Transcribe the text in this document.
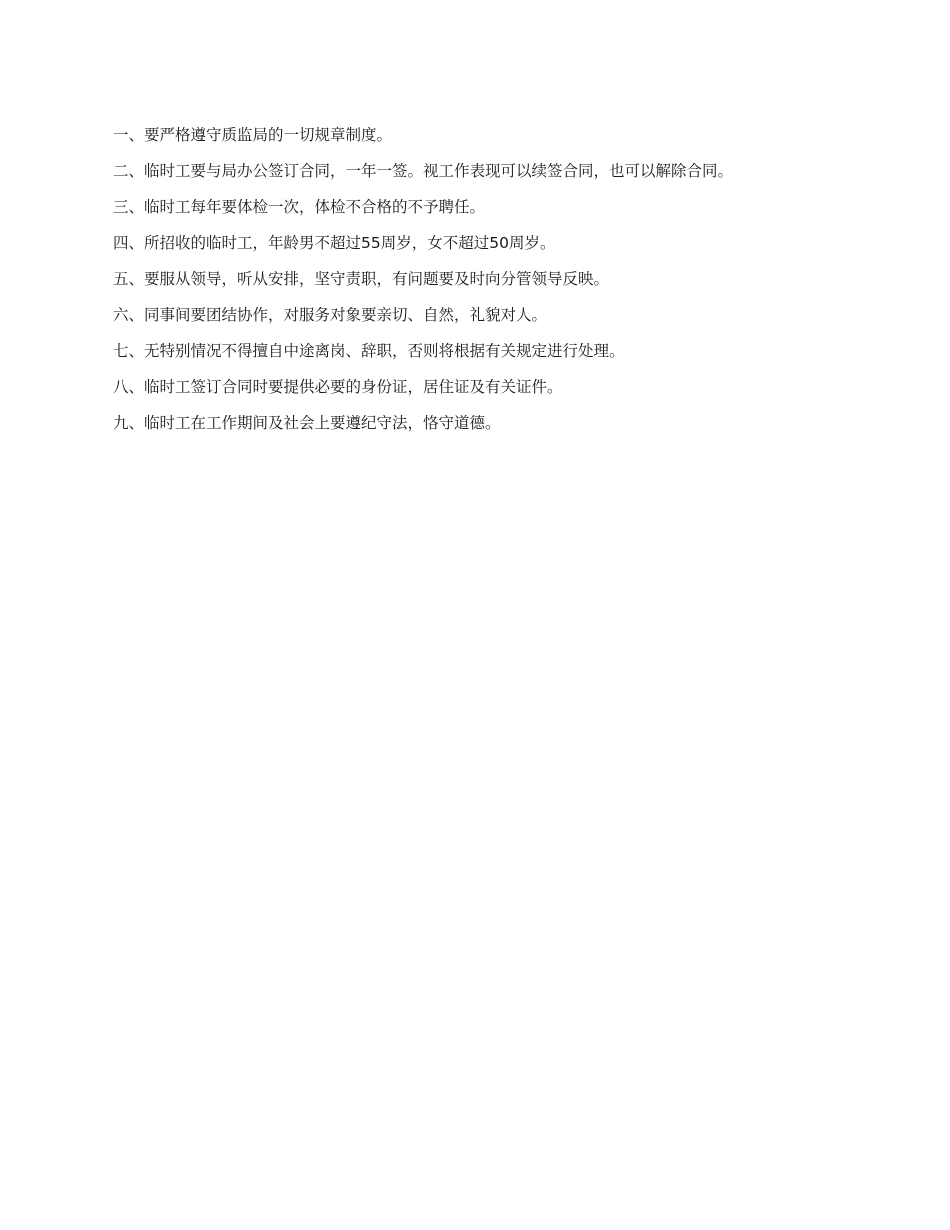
一、要严格遵守质监局的一切规章制度。

二、临时工要与局办公签订合同，一年一签。视工作表现可以续签合同，也可以解除合同。

三、临时工每年要体检一次，体检不合格的不予聘任。

四、所招收的临时工，年龄男不超过55周岁，女不超过50周岁。

五、要服从领导，听从安排，坚守责职，有问题要及时向分管领导反映。

六、同事间要团结协作，对服务对象要亲切、自然，礼貌对人。

七、无特别情况不得擅自中途离岗、辞职，否则将根据有关规定进行处理。

八、临时工签订合同时要提供必要的身份证，居住证及有关证件。

九、临时工在工作期间及社会上要遵纪守法，恪守道德。
